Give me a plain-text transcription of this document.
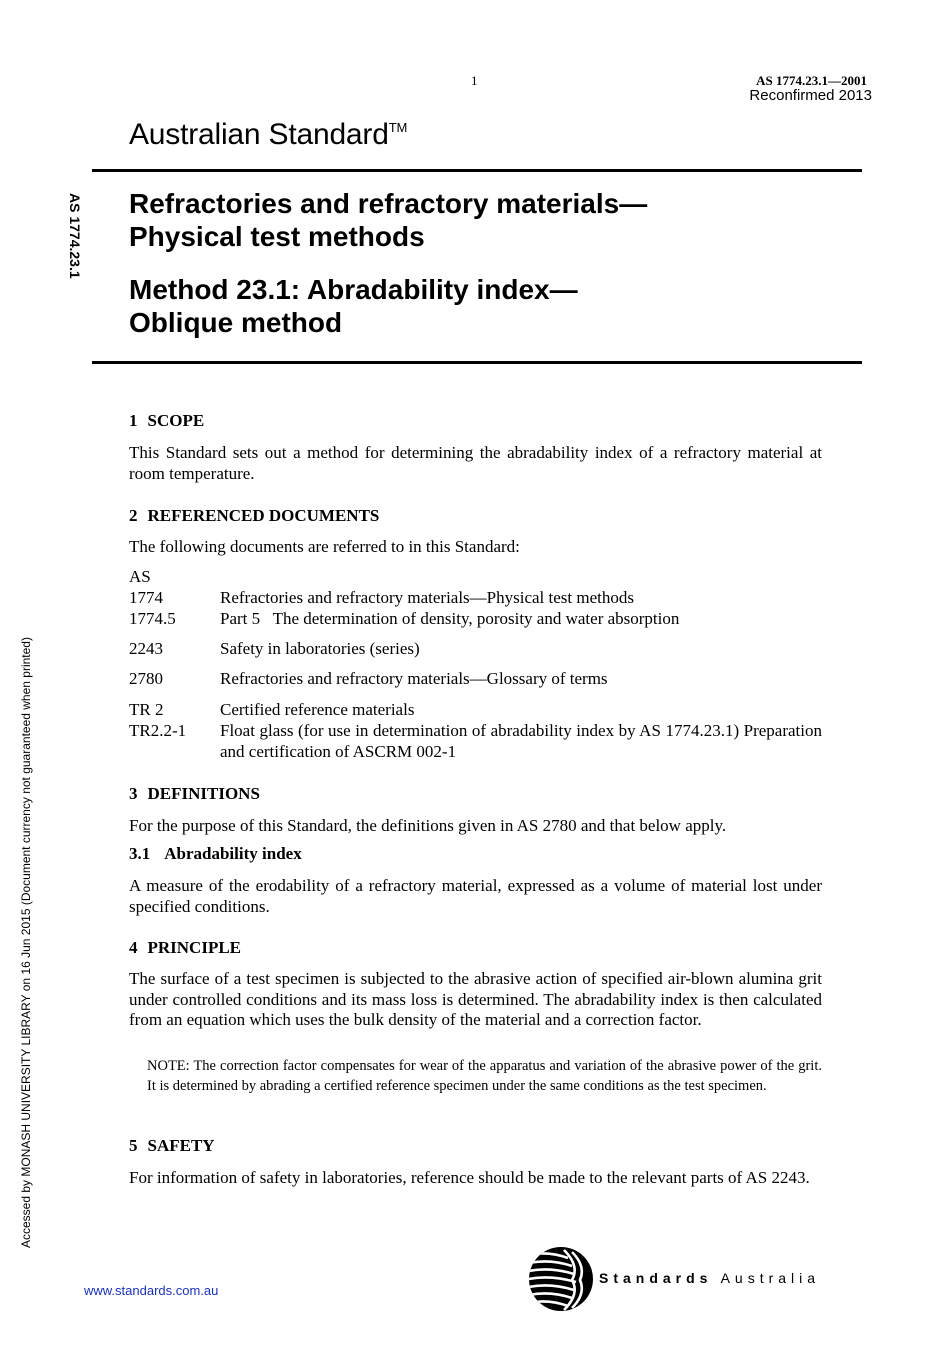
1	AS 1774.23.1—2001
Reconfirmed 2013
Australian Standard™
AS 1774.23.1 Refractories and refractory materials—
Physical test methods
Method 23.1: Abradability index—
Oblique method
1 SCOPE
This Standard sets out a method for determining the abradability index of a refractory material at room temperature.
2 REFERENCED DOCUMENTS
The following documents are referred to in this Standard:
AS
1774	Refractories and refractory materials—Physical test methods
1774.5	Part 5   The determination of density, porosity and water absorption
2243	Safety in laboratories (series)
2780	Refractories and refractory materials—Glossary of terms
TR 2	Certified reference materials
TR2.2-1 Float glass (for use in determination of abradability index by AS 1774.23.1) Preparation and certification of ASCRM 002-1
3 DEFINITIONS
For the purpose of this Standard, the definitions given in AS 2780 and that below apply.
3.1 Abradability index
A measure of the erodability of a refractory material, expressed as a volume of material lost under specified conditions.
4 PRINCIPLE
The surface of a test specimen is subjected to the abrasive action of specified air-blown alumina grit under controlled conditions and its mass loss is determined. The abradability index is then calculated from an equation which uses the bulk density of the material and a correction factor.
NOTE: The correction factor compensates for wear of the apparatus and variation of the abrasive power of the grit. It is determined by abrading a certified reference specimen under the same conditions as the test specimen.
5 SAFETY
For information of safety in laboratories, reference should be made to the relevant parts of AS 2243.
Accessed by MONASH UNIVERSITY LIBRARY on 16 Jun 2015 (Document currency not guaranteed when printed)
www.standards.com.au
Standards Australia
